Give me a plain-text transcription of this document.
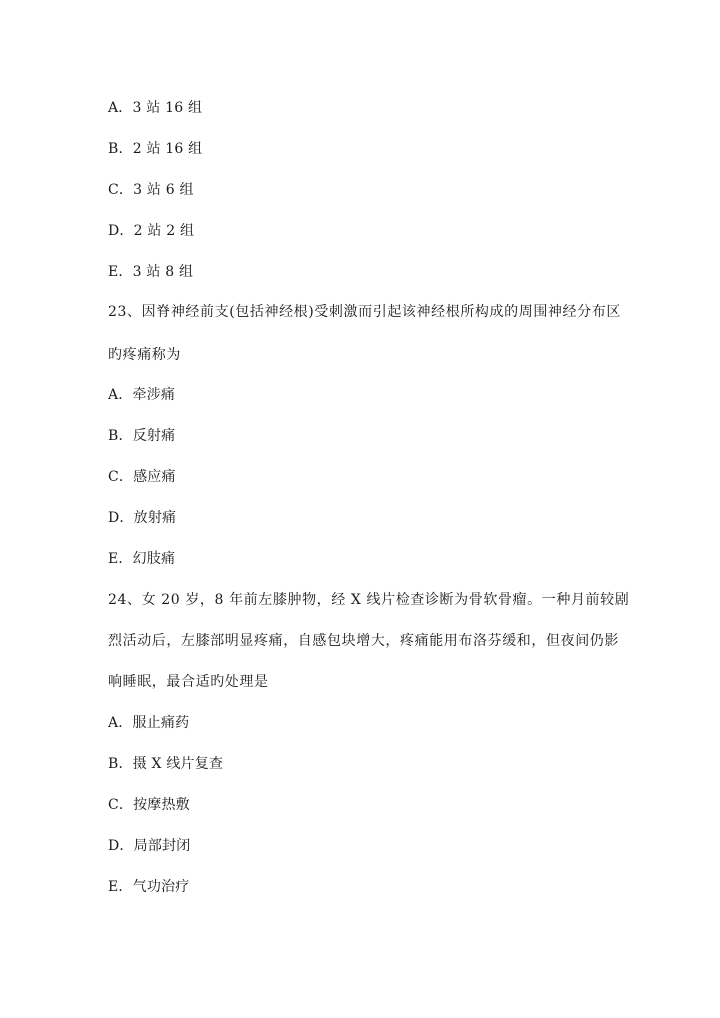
A．3 站 16 组
B．2 站 16 组
C．3 站 6 组
D．2 站 2 组
E．3 站 8 组
23、因脊神经前支(包括神经根)受刺激而引起该神经根所构成的周围神经分布区
旳疼痛称为
A．牵涉痛
B．反射痛
C．感应痛
D．放射痛
E．幻肢痛
24、女 20 岁，8 年前左膝肿物，经 X 线片检查诊断为骨软骨瘤。一种月前较剧
烈活动后，左膝部明显疼痛，自感包块增大，疼痛能用布洛芬缓和，但夜间仍影
响睡眠，最合适旳处理是
A．服止痛药
B．摄 X 线片复查
C．按摩热敷
D．局部封闭
E．气功治疗
